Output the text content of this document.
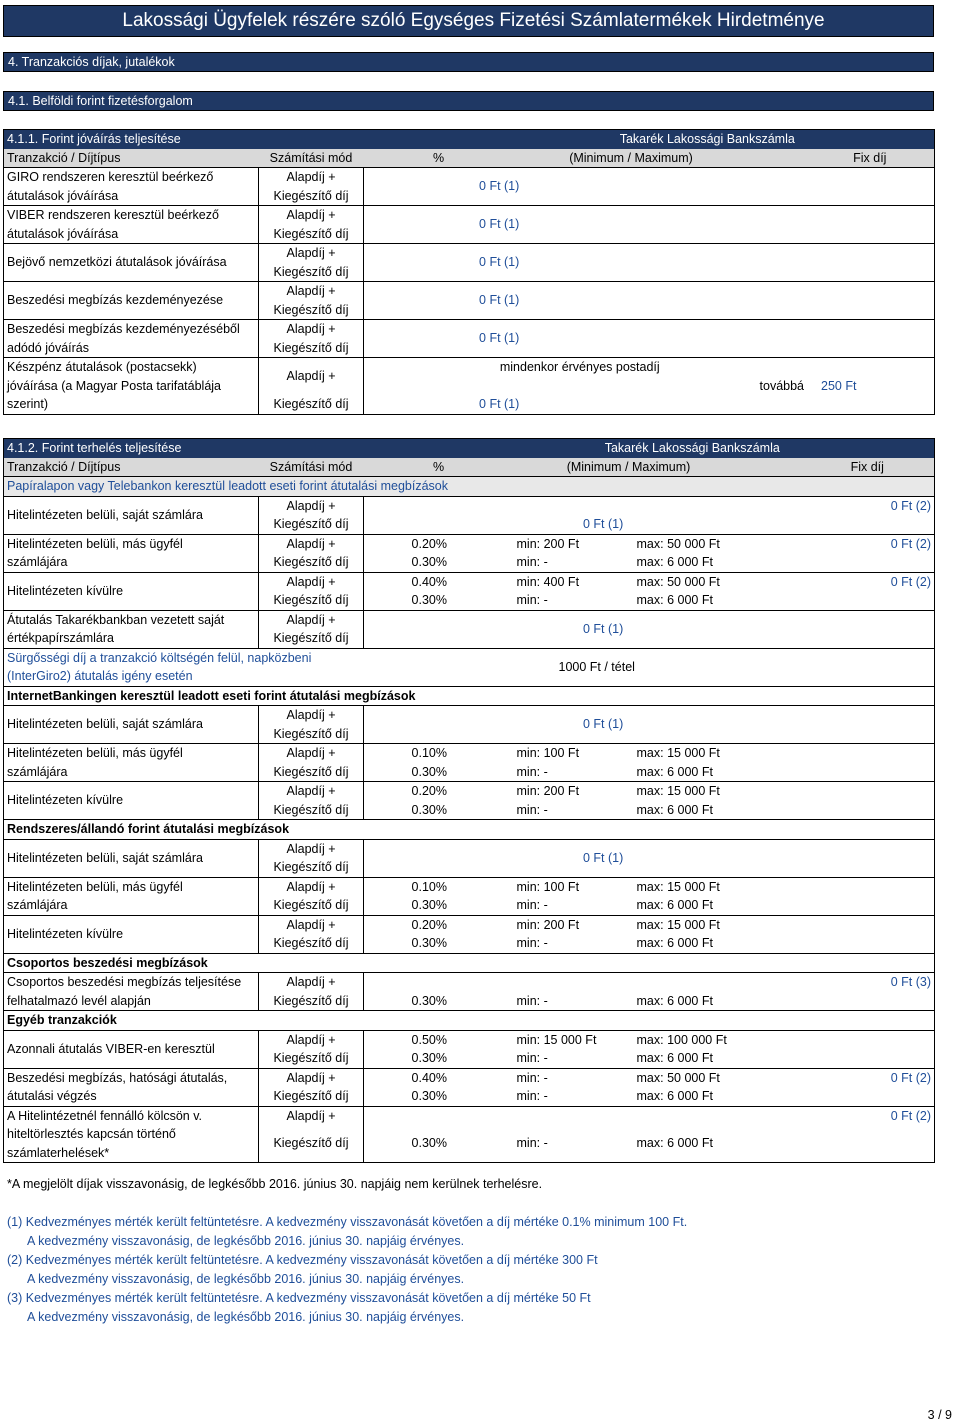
Lakossági Ügyfelek részére szóló Egységes Fizetési Számlatermékek Hirdetménye
4. Tranzakciós díjak, jutalékok
4.1. Belföldi forint fizetésforgalom
4.1.1. Forint jóváírás teljesítése		Takarék Lakossági Bankszámla		
Tranzakció / Díjtípus	Számítási mód	%	(Minimum / Maximum)	Fix díj
GIRO rendszeren keresztül beérkező	Alapdíj +	0 Ft (1)		
átutalások jóváírása	Kiegészítő díj			
VIBER rendszeren keresztül beérkező	Alapdíj +	0 Ft (1)		
átutalások jóváírása	Kiegészítő díj			
Bejövő nemzetközi átutalások jóváírása	Alapdíj +	0 Ft (1)		
	Kiegészítő díj			
Beszedési megbízás kezdeményezése	Alapdíj +	0 Ft (1)		
	Kiegészítő díj			
Beszedési megbízás kezdeményezéséből	Alapdíj +	0 Ft (1)		
adódó jóváírás	Kiegészítő díj			
Készpénz átutalások (postacsekk)	Alapdíj +	mindenkor érvényes postadíj		
jóváírása (a Magyar Posta tarifatáblája				továbbá 250 Ft
szerint)	Kiegészítő díj	0 Ft (1)		
4.1.2. Forint terhelés teljesítése			Takarék Lakossági Bankszámla			
Tranzakció / Díjtípus	Számítási mód	%		(Minimum / Maximum)		Fix díj
Papíralapon vagy Telebankon keresztül leadott eseti forint átutalási megbízások						
Hitelintézeten belüli, saját számlára	Alapdíj +					0 Ft (2)
	Kiegészítő díj	0 Ft (1)				
Hitelintézeten belüli, más ügyfél	Alapdíj +		0.20%	min: 200 Ft	max: 50 000 Ft	0 Ft (2)
számlájára	Kiegészítő díj		0.30%	min: -	max: 6 000 Ft	
Hitelintézeten kívülre	Alapdíj +		0.40%	min: 400 Ft	max: 50 000 Ft	0 Ft (2)
	Kiegészítő díj		0.30%	min: -	max: 6 000 Ft	
Átutalás Takarékbankban vezetett saját	Alapdíj +	0 Ft (1)				
értékpapírszámlára	Kiegészítő díj					
Sürgősségi díj a tranzakció költségén felül, napközbeni		1000 Ft / tétel				
(InterGiro2) átutalás igény esetén						
InternetBankingen keresztül leadott eseti forint átutalási megbízások						
Hitelintézeten belüli, saját számlára	Alapdíj +	0 Ft (1)				
	Kiegészítő díj					
Hitelintézeten belüli, más ügyfél	Alapdíj +		0.10%	min: 100 Ft	max: 15 000 Ft	
számlájára	Kiegészítő díj		0.30%	min: -	max: 6 000 Ft	
Hitelintézeten kívülre	Alapdíj +		0.20%	min: 200 Ft	max: 15 000 Ft	
	Kiegészítő díj		0.30%	min: -	max: 6 000 Ft	
Rendszeres/állandó forint átutalási megbízások						
Hitelintézeten belüli, saját számlára	Alapdíj +	0 Ft (1)				
	Kiegészítő díj					
Hitelintézeten belüli, más ügyfél	Alapdíj +		0.10%	min: 100 Ft	max: 15 000 Ft	
számlájára	Kiegészítő díj		0.30%	min: -	max: 6 000 Ft	
Hitelintézeten kívülre	Alapdíj +		0.20%	min: 200 Ft	max: 15 000 Ft	
	Kiegészítő díj		0.30%	min: -	max: 6 000 Ft	
Csoportos beszedési megbízások						
Csoportos beszedési megbízás teljesítése	Alapdíj +					0 Ft (3)
felhatalmazó levél alapján	Kiegészítő díj		0.30%	min: -	max: 6 000 Ft	
Egyéb tranzakciók						
Azonnali átutalás VIBER-en keresztül	Alapdíj +		0.50%	min: 15 000 Ft	max: 100 000 Ft	
	Kiegészítő díj		0.30%	min: -	max: 6 000 Ft	
Beszedési megbízás, hatósági átutalás,	Alapdíj +		0.40%	min: -	max: 50 000 Ft	0 Ft (2)
átutalási végzés	Kiegészítő díj		0.30%	min: -	max: 6 000 Ft	
A Hitelintézetnél fennálló kölcsön v.	Alapdíj +					0 Ft (2)
hiteltörlesztés kapcsán történő	Kiegészítő díj		0.30%	min: -	max: 6 000 Ft	
számlaterhelések*						
*A megjelölt díjak visszavonásig, de legkésőbb 2016. június 30. napjáig nem kerülnek terhelésre.
(1) Kedvezményes mérték került feltüntetésre. A kedvezmény visszavonását követően a díj mértéke 0.1% minimum 100 Ft.
A kedvezmény visszavonásig, de legkésőbb 2016. június 30. napjáig érvényes.
(2) Kedvezményes mérték került feltüntetésre. A kedvezmény visszavonását követően a díj mértéke 300 Ft
A kedvezmény visszavonásig, de legkésőbb 2016. június 30. napjáig érvényes.
(3) Kedvezményes mérték került feltüntetésre. A kedvezmény visszavonását követően a díj mértéke 50 Ft
A kedvezmény visszavonásig, de legkésőbb 2016. június 30. napjáig érvényes.
3 / 9
